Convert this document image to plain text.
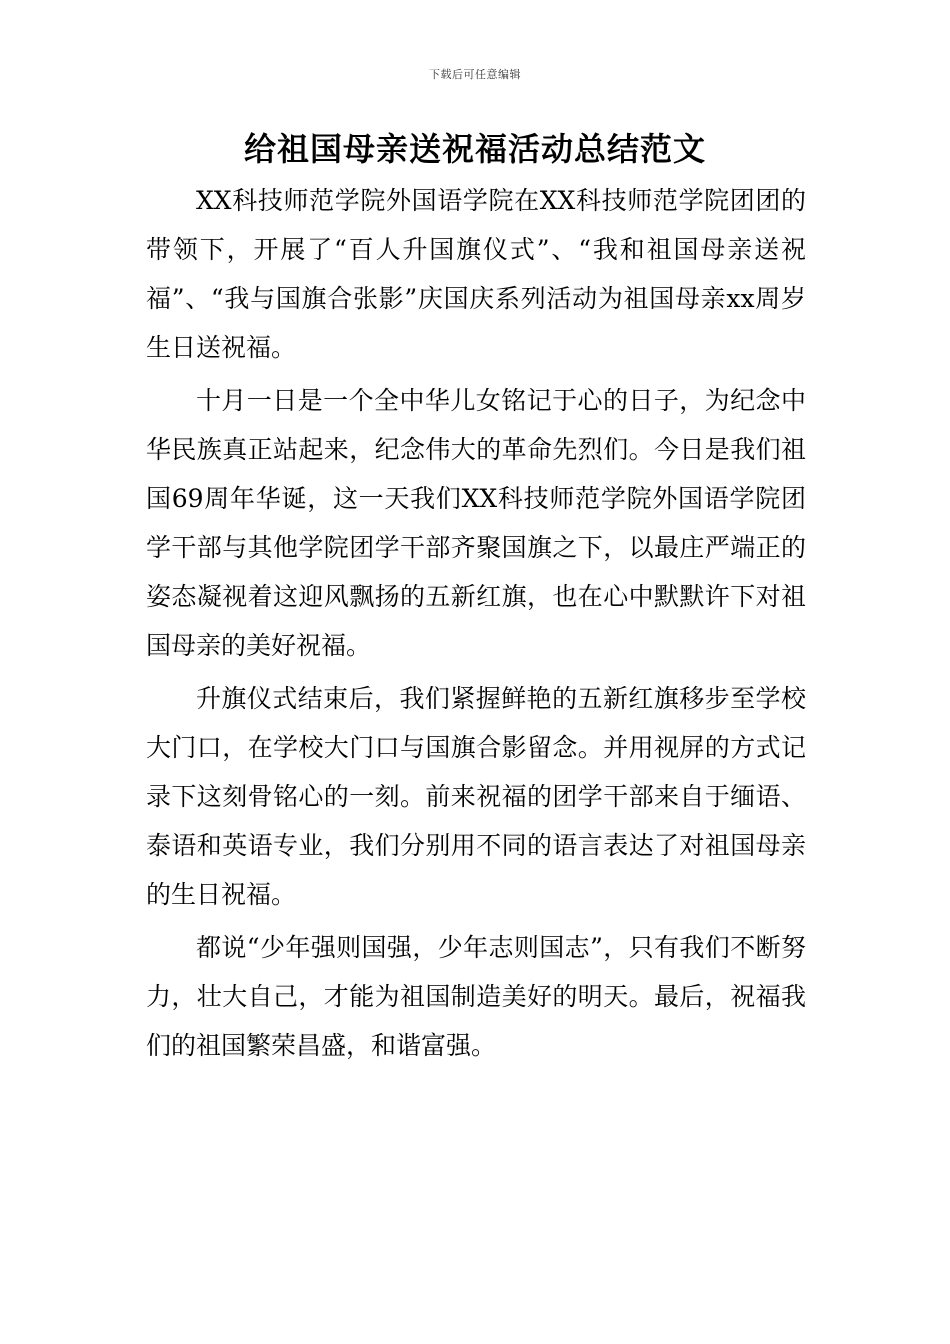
下载后可任意编辑
给祖国母亲送祝福活动总结范文

XX科技师范学院外国语学院在XX科技师范学院团团的带领下，开展了“百人升国旗仪式”、“我和祖国母亲送祝福”、“我与国旗合张影”庆国庆系列活动为祖国母亲xx周岁生日送祝福。

十月一日是一个全中华儿女铭记于心的日子，为纪念中华民族真正站起来，纪念伟大的革命先烈们。今日是我们祖国69周年华诞，这一天我们XX科技师范学院外国语学院团学干部与其他学院团学干部齐聚国旗之下，以最庄严端正的姿态凝视着这迎风飘扬的五新红旗，也在心中默默许下对祖国母亲的美好祝福。

升旗仪式结束后，我们紧握鲜艳的五新红旗移步至学校大门口，在学校大门口与国旗合影留念。并用视屏的方式记录下这刻骨铭心的一刻。前来祝福的团学干部来自于缅语、泰语和英语专业，我们分别用不同的语言表达了对祖国母亲的生日祝福。

都说“少年强则国强，少年志则国志”，只有我们不断努力，壮大自己，才能为祖国制造美好的明天。最后，祝福我们的祖国繁荣昌盛，和谐富强。
